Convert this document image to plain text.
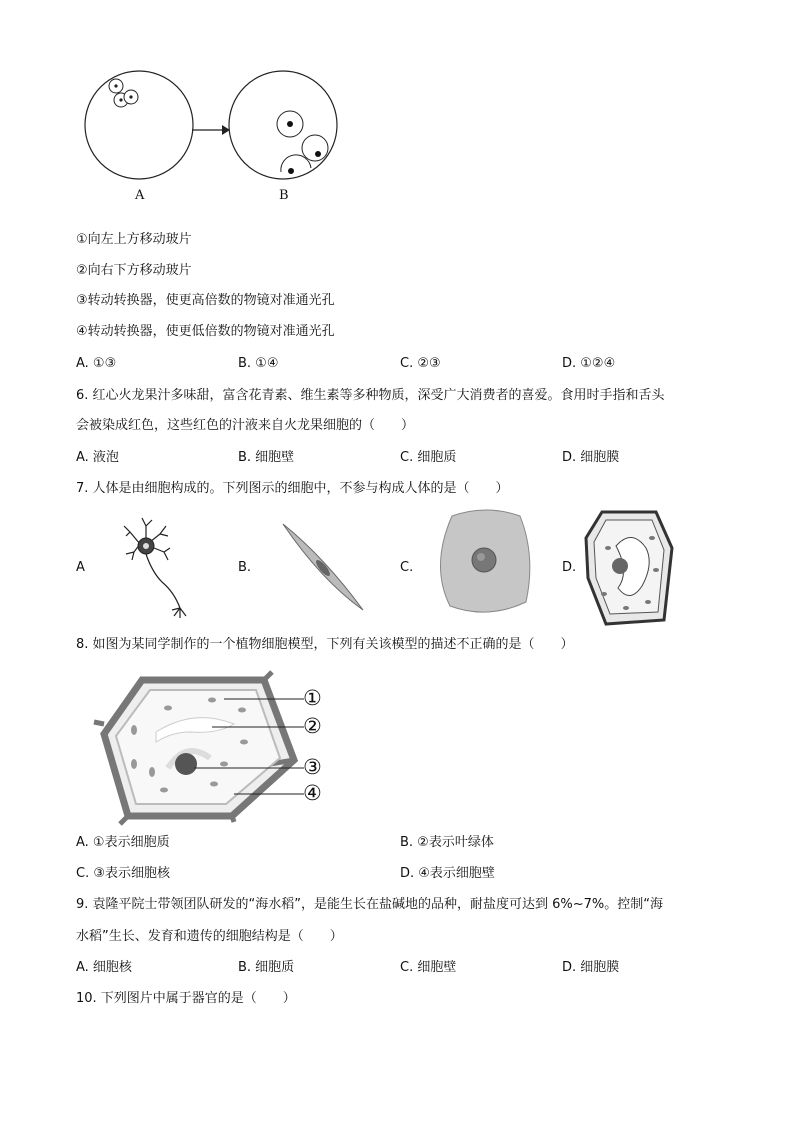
A	B
①向左上方移动玻片
②向右下方移动玻片
③转动转换器，使更高倍数的物镜对准通光孔
④转动转换器，使更低倍数的物镜对准通光孔
A. ①③	B. ①④	C. ②③	D. ①②④
6. 红心火龙果汁多味甜，富含花青素、维生素等多种物质，深受广大消费者的喜爱。食用时手指和舌头
会被染成红色，这些红色的汁液来自火龙果细胞的（　　）
A. 液泡	B. 细胞壁	C. 细胞质	D. 细胞膜
7. 人体是由细胞构成的。下列图示的细胞中，不参与构成人体的是（　　）
A	B.	C.	D.
8. 如图为某同学制作的一个植物细胞模型，下列有关该模型的描述不正确的是（　　）
①
②
③
④
A. ①表示细胞质	B. ②表示叶绿体
C. ③表示细胞核	D. ④表示细胞壁
9. 袁隆平院士带领团队研发的“海水稻”，是能生长在盐碱地的品种，耐盐度可达到 6%~7%。控制“海
水稻”生长、发育和遗传的细胞结构是（　　）
A. 细胞核	B. 细胞质	C. 细胞壁	D. 细胞膜
10. 下列图片中属于器官的是（　　）
